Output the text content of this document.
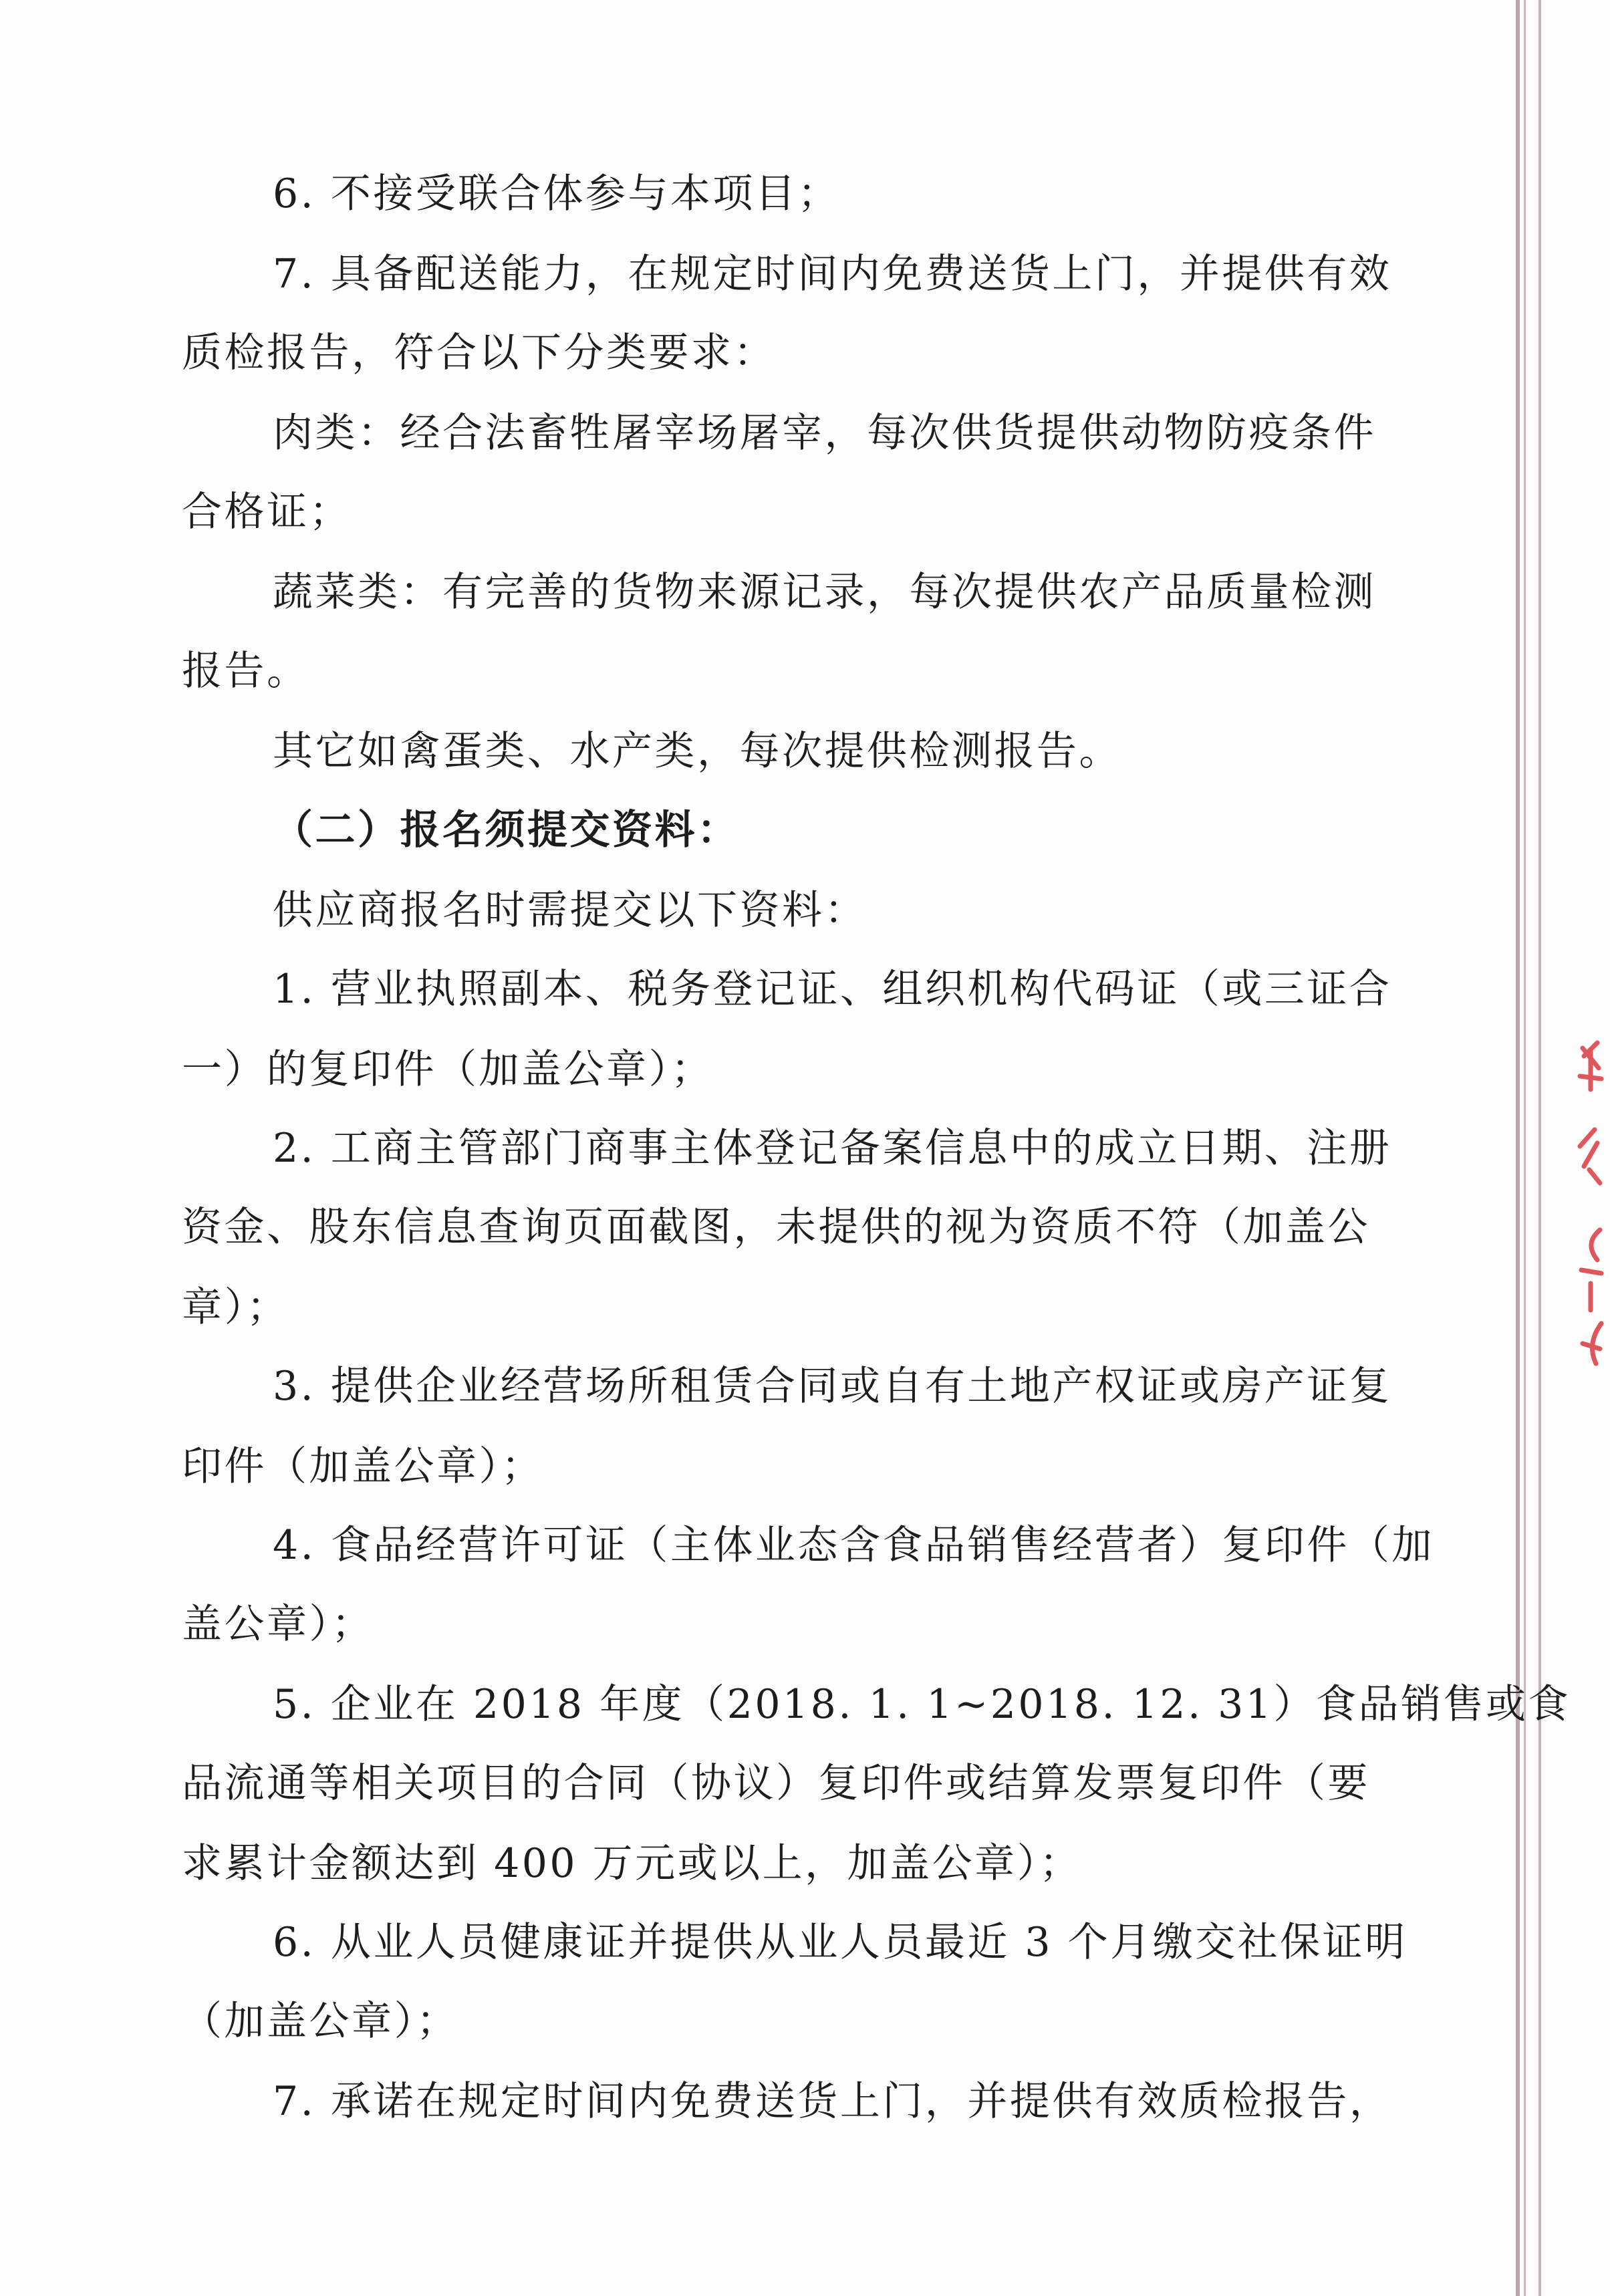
6. 不接受联合体参与本项目；
7. 具备配送能力，在规定时间内免费送货上门，并提供有效
质检报告，符合以下分类要求：
肉类：经合法畜牲屠宰场屠宰，每次供货提供动物防疫条件
合格证；
蔬菜类：有完善的货物来源记录，每次提供农产品质量检测
报告。
其它如禽蛋类、水产类，每次提供检测报告。
（二）报名须提交资料：
供应商报名时需提交以下资料：
1. 营业执照副本、税务登记证、组织机构代码证（或三证合
一）的复印件（加盖公章）；
2. 工商主管部门商事主体登记备案信息中的成立日期、注册
资金、股东信息查询页面截图，未提供的视为资质不符（加盖公
章）；
3. 提供企业经营场所租赁合同或自有土地产权证或房产证复
印件（加盖公章）；
4. 食品经营许可证（主体业态含食品销售经营者）复印件（加
盖公章）；
5. 企业在 2018 年度（2018. 1. 1~2018. 12. 31）食品销售或食
品流通等相关项目的合同（协议）复印件或结算发票复印件（要
求累计金额达到 400 万元或以上，加盖公章）；
6. 从业人员健康证并提供从业人员最近 3 个月缴交社保证明
（加盖公章）；
7. 承诺在规定时间内免费送货上门，并提供有效质检报告，
